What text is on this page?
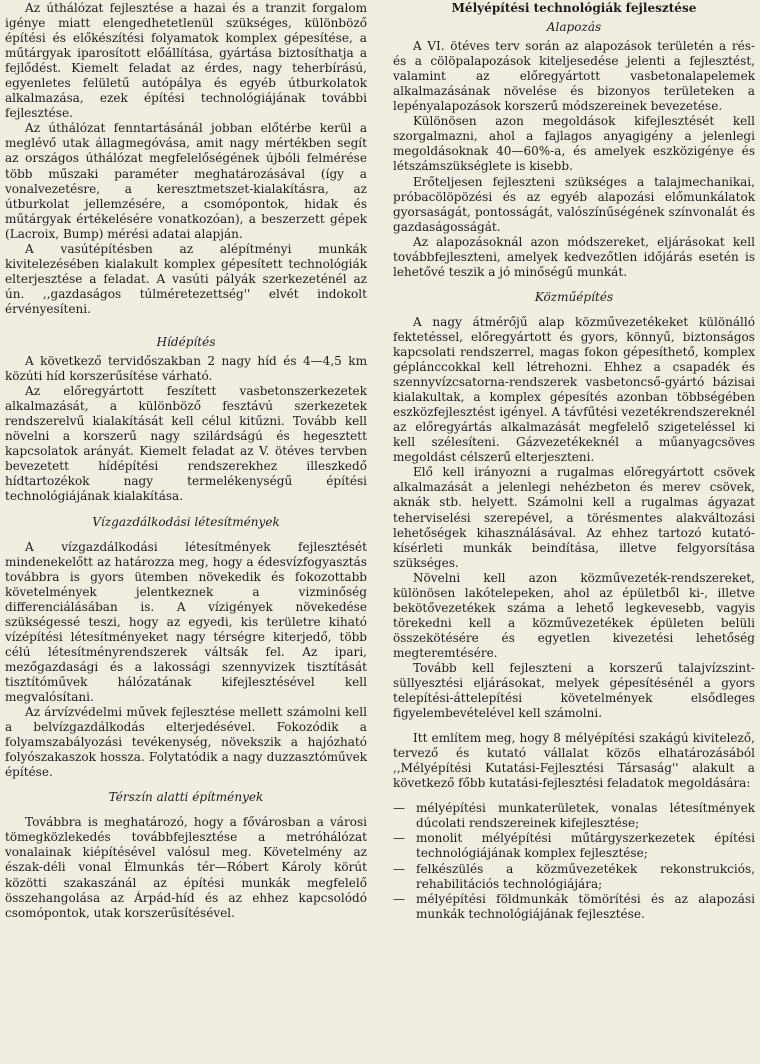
Az úthálózat fejlesztése a hazai és a tranzit forgalom igénye miatt elengedhetetlenül szükséges, különböző építési és előkészítési folyamatok komplex gépesítése, a műtárgyak iparosított előállítása, gyártása biztosíthatja a fejlődést. Kiemelt feladat az érdes, nagy teherbírású, egyenletes felületű autópálya és egyéb útburkolatok alkalmazása, ezek építési technológiájának további fejlesztése.

Az úthálózat fenntartásánál jobban előtérbe kerül a meglévő utak állagmegóvása, amit nagy mértékben segít az országos úthálózat megfelelőségének újbóli felmérése több műszaki paraméter meghatározásával (így a vonalvezetésre, a keresztmetszet-kialakításra, az útburkolat jellemzésére, a csomópontok, hidak és műtárgyak értékelésére vonatkozóan), a beszerzett gépek (Lacroix, Bump) mérési adatai alapján.

A vasútépítésben az alépítményi munkák kivitelezésében kialakult komplex gépesített technológiák elterjesztése a feladat. A vasúti pályák szerkezeténél az ún. ,,gazdaságos túlméretezettség'' elvét indokolt érvényesíteni.

Hídépítés

A következő tervidőszakban 2 nagy híd és 4—4,5 km közúti híd korszerűsítése várható.

Az előregyártott feszített vasbetonszerkezetek alkalmazását, a különböző fesztávú szerkezetek rendszerelvű kialakítását kell célul kitűzni. Tovább kell növelni a korszerű nagy szilárdságú és hegesztett kapcsolatok arányát. Kiemelt feladat az V. ötéves tervben bevezetett hídépítési rendszerekhez illeszkedő hídtartozékok nagy termelékenységű építési technológiájának kialakítása.

Vízgazdálkodási létesítmények

A vízgazdálkodási létesítmények fejlesztését mindenekelőtt az határozza meg, hogy a édesvízfogyasztás továbbra is gyors ütemben növekedik és fokozottabb követelmények jelentkeznek a vizminőség differenciálásában is. A vízigények növekedése szükségessé teszi, hogy az egyedi, kis területre kiható vízépítési létesítményeket nagy térségre kiterjedő, több célú létesítményrendszerek váltsák fel. Az ipari, mezőgazdasági és a lakossági szennyvizek tisztítását tisztítóművek hálózatának kifejlesztésével kell megvalósítani.

Az árvízvédelmi művek fejlesztése mellett számolni kell a belvízgazdálkodás elterjedésével. Fokozódik a folyamszabályozási tevékenység, növekszik a hajózható folyószakaszok hossza. Folytatódik a nagy duzzasztóművek építése.

Térszín alatti építmények

Továbbra is meghatározó, hogy a fővárosban a városi tömegközlekedés továbbfejlesztése a metróhálózat vonalainak kiépítésével valósul meg. Követelmény az észak-déli vonal Élmunkás tér—Róbert Károly körút közötti szakaszánál az építési munkák megfelelő összehangolása az Árpád-híd és az ehhez kapcsolódó csomópontok, utak korszerűsítésével.

Mélyépítési technológiák fejlesztése
Alapozás

A VI. ötéves terv során az alapozások területén a rés- és a cölöpalapozások kiteljesedése jelenti a fejlesztést, valamint az előregyártott vasbetonalapelemek alkalmazásának növelése és bizonyos területeken a lepényalapozások korszerű módszereinek bevezetése.

Különösen azon megoldások kifejlesztését kell szorgalmazni, ahol a fajlagos anyagigény a jelenlegi megoldásoknak 40—60%-a, és amelyek eszközigénye és létszámszükséglete is kisebb.

Erőteljesen fejleszteni szükséges a talajmechanikai, próbacölöpözési és az egyéb alapozási előmunkálatok gyorsaságát, pontosságát, valószínűségének színvonalát és gazdaságosságát.

Az alapozásoknál azon módszereket, eljárásokat kell továbbfejleszteni, amelyek kedvezőtlen időjárás esetén is lehetővé teszik a jó minőségű munkát.

Közműépítés

A nagy átmérőjű alap közművezetékeket különálló fektetéssel, előregyártott és gyors, könnyű, biztonságos kapcsolati rendszerrel, magas fokon gépesíthető, komplex géplánccokkal kell létrehozni. Ehhez a csapadék és szennyvízcsatorna-rendszerek vasbetoncső-gyártó bázisai kialakultak, a komplex gépesítés azonban többségében eszközfejlesztést igényel. A távfűtési vezetékrendszereknél az előregyártás alkalmazását megfelelő szigeteléssel ki kell szélesíteni. Gázvezetékeknél a műanyagcsöves megoldást célszerű elterjeszteni.

Elő kell irányozni a rugalmas előregyártott csövek alkalmazását a jelenlegi nehézbeton és merev csövek, aknák stb. helyett. Számolni kell a rugalmas ágyazat teherviselési szerepével, a törésmentes alakváltozási lehetőségek kihasználásával. Az ehhez tartozó kutató-kísérleti munkák beindítása, illetve felgyorsítása szükséges.

Növelni kell azon közművezeték-rendszereket, különösen lakótelepeken, ahol az épületből ki-, illetve bekötővezetékek száma a lehető legkevesebb, vagyis törekedni kell a közművezetékek épületen belüli összekötésére és egyetlen kivezetési lehetőség megteremtésére.

Tovább kell fejleszteni a korszerű talajvízszint-süllyesztési eljárásokat, melyek gépesítésénél a gyors telepítési-áttelepítési követelmények elsődleges figyelembevételével kell számolni.

Itt említem meg, hogy 8 mélyépítési szakágú kivitelező, tervező és kutató vállalat közös elhatározásából ,,Mélyépítési Kutatási-Fejlesztési Társaság'' alakult a következő főbb kutatási-fejlesztési feladatok megoldására:

— mélyépítési munkaterületek, vonalas létesítmények dúcolati rendszereinek kifejlesztése;
— monolit mélyépítési műtárgyszerkezetek építési technológiájának komplex fejlesztése;
— felkészülés a közművezetékek rekonstrukciós, rehabilitációs technológiájára;
— mélyépítési földmunkák tömörítési és az alapozási munkák technológiájának fejlesztése.
